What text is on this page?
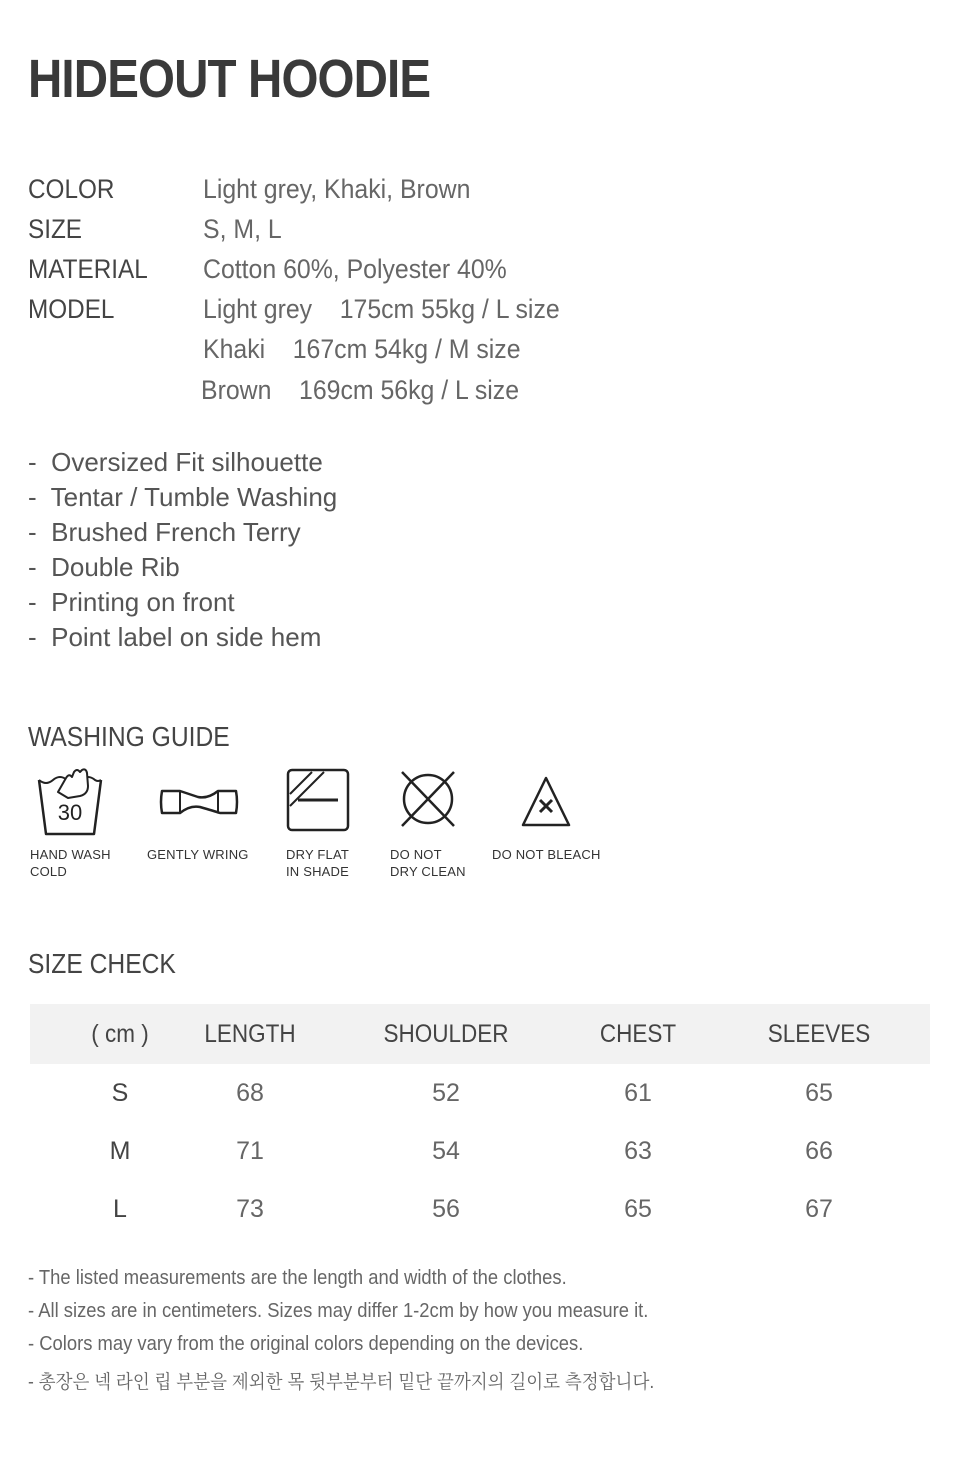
HIDEOUT HOODIE
COLOR	Light grey, Khaki, Brown
SIZE	S, M, L
MATERIAL Cotton 60%, Polyester 40%
MODEL	Light grey    175cm 55kg / L size
Khaki    167cm 54kg / M size
Brown    169cm 56kg / L size
-  Oversized Fit silhouette
-  Tentar / Tumble Washing
-  Brushed French Terry
-  Double Rib
-  Printing on front
-  Point label on side hem
WASHING GUIDE
30
HAND WASH
COLD
GENTLY WRING	DRY FLAT
IN SHADE
DO NOT
DRY CLEAN
DO NOT BLEACH
SIZE CHECK
( cm )	LENGTH	SHOULDER	CHEST	SLEEVES
S	68	52	61	65
M	71	54	63	66
L	73	56	65	67
- The listed measurements are the length and width of the clothes.
- All sizes are in centimeters. Sizes may differ 1-2cm by how you measure it.
- Colors may vary from the original colors depending on the devices.
- 총장은 넥 라인 립 부분을 제외한 목 뒷부분부터 밑단 끝까지의 길이로 측정합니다.
